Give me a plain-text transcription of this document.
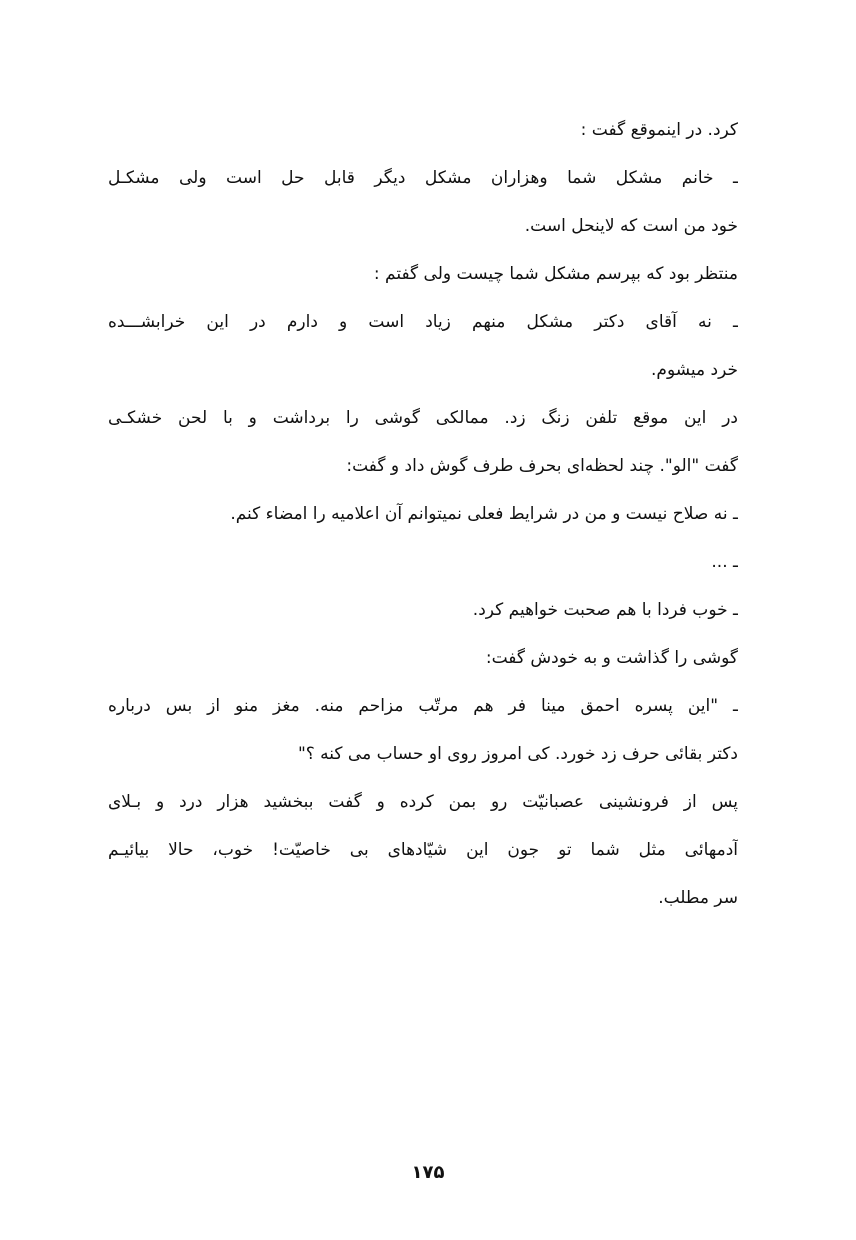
کرد. در اینموقع گفت :
ـ خانم مشکل شما وهزاران مشکل دیگر قابل حل است ولی مشکـل
خود من است که لاینحل است.
منتظر بود که بپرسم مشکل شما چیست ولی گفتم :
ـ نه آقای دکتر مشکل منهم زیاد است و دارم در این خرابشـــده
خرد میشوم.
در این موقع تلفن زنگ زد. ممالکی گوشی را برداشت و با لحن خشکـی
گفت "الو". چند لحظه‌ای بحرف طرف گوش داد و گفت:
ـ نه صلاح نیست و من در شرایط فعلی نمیتوانم آن اعلامیه را امضاء کنم.
ـ ...
ـ خوب فردا با هم صحبت خواهیم کرد.
گوشی را گذاشت و به خودش گفت:
ـ "این پسره احمق مینا فر هم مرتّب مزاحم منه. مغز منو از بس درباره
دکتر بقائی حرف زد خورد. کی امروز روی او حساب می کنه ؟"
پس از فرونشینی عصبانیّت رو بمن کرده و گفت ببخشید هزار درد و بـلای
آدمهائی مثل شما تو جون این شیّادهای بی خاصیّت! خوب، حالا بیائیـم
سر مطلب.
۱۷۵
